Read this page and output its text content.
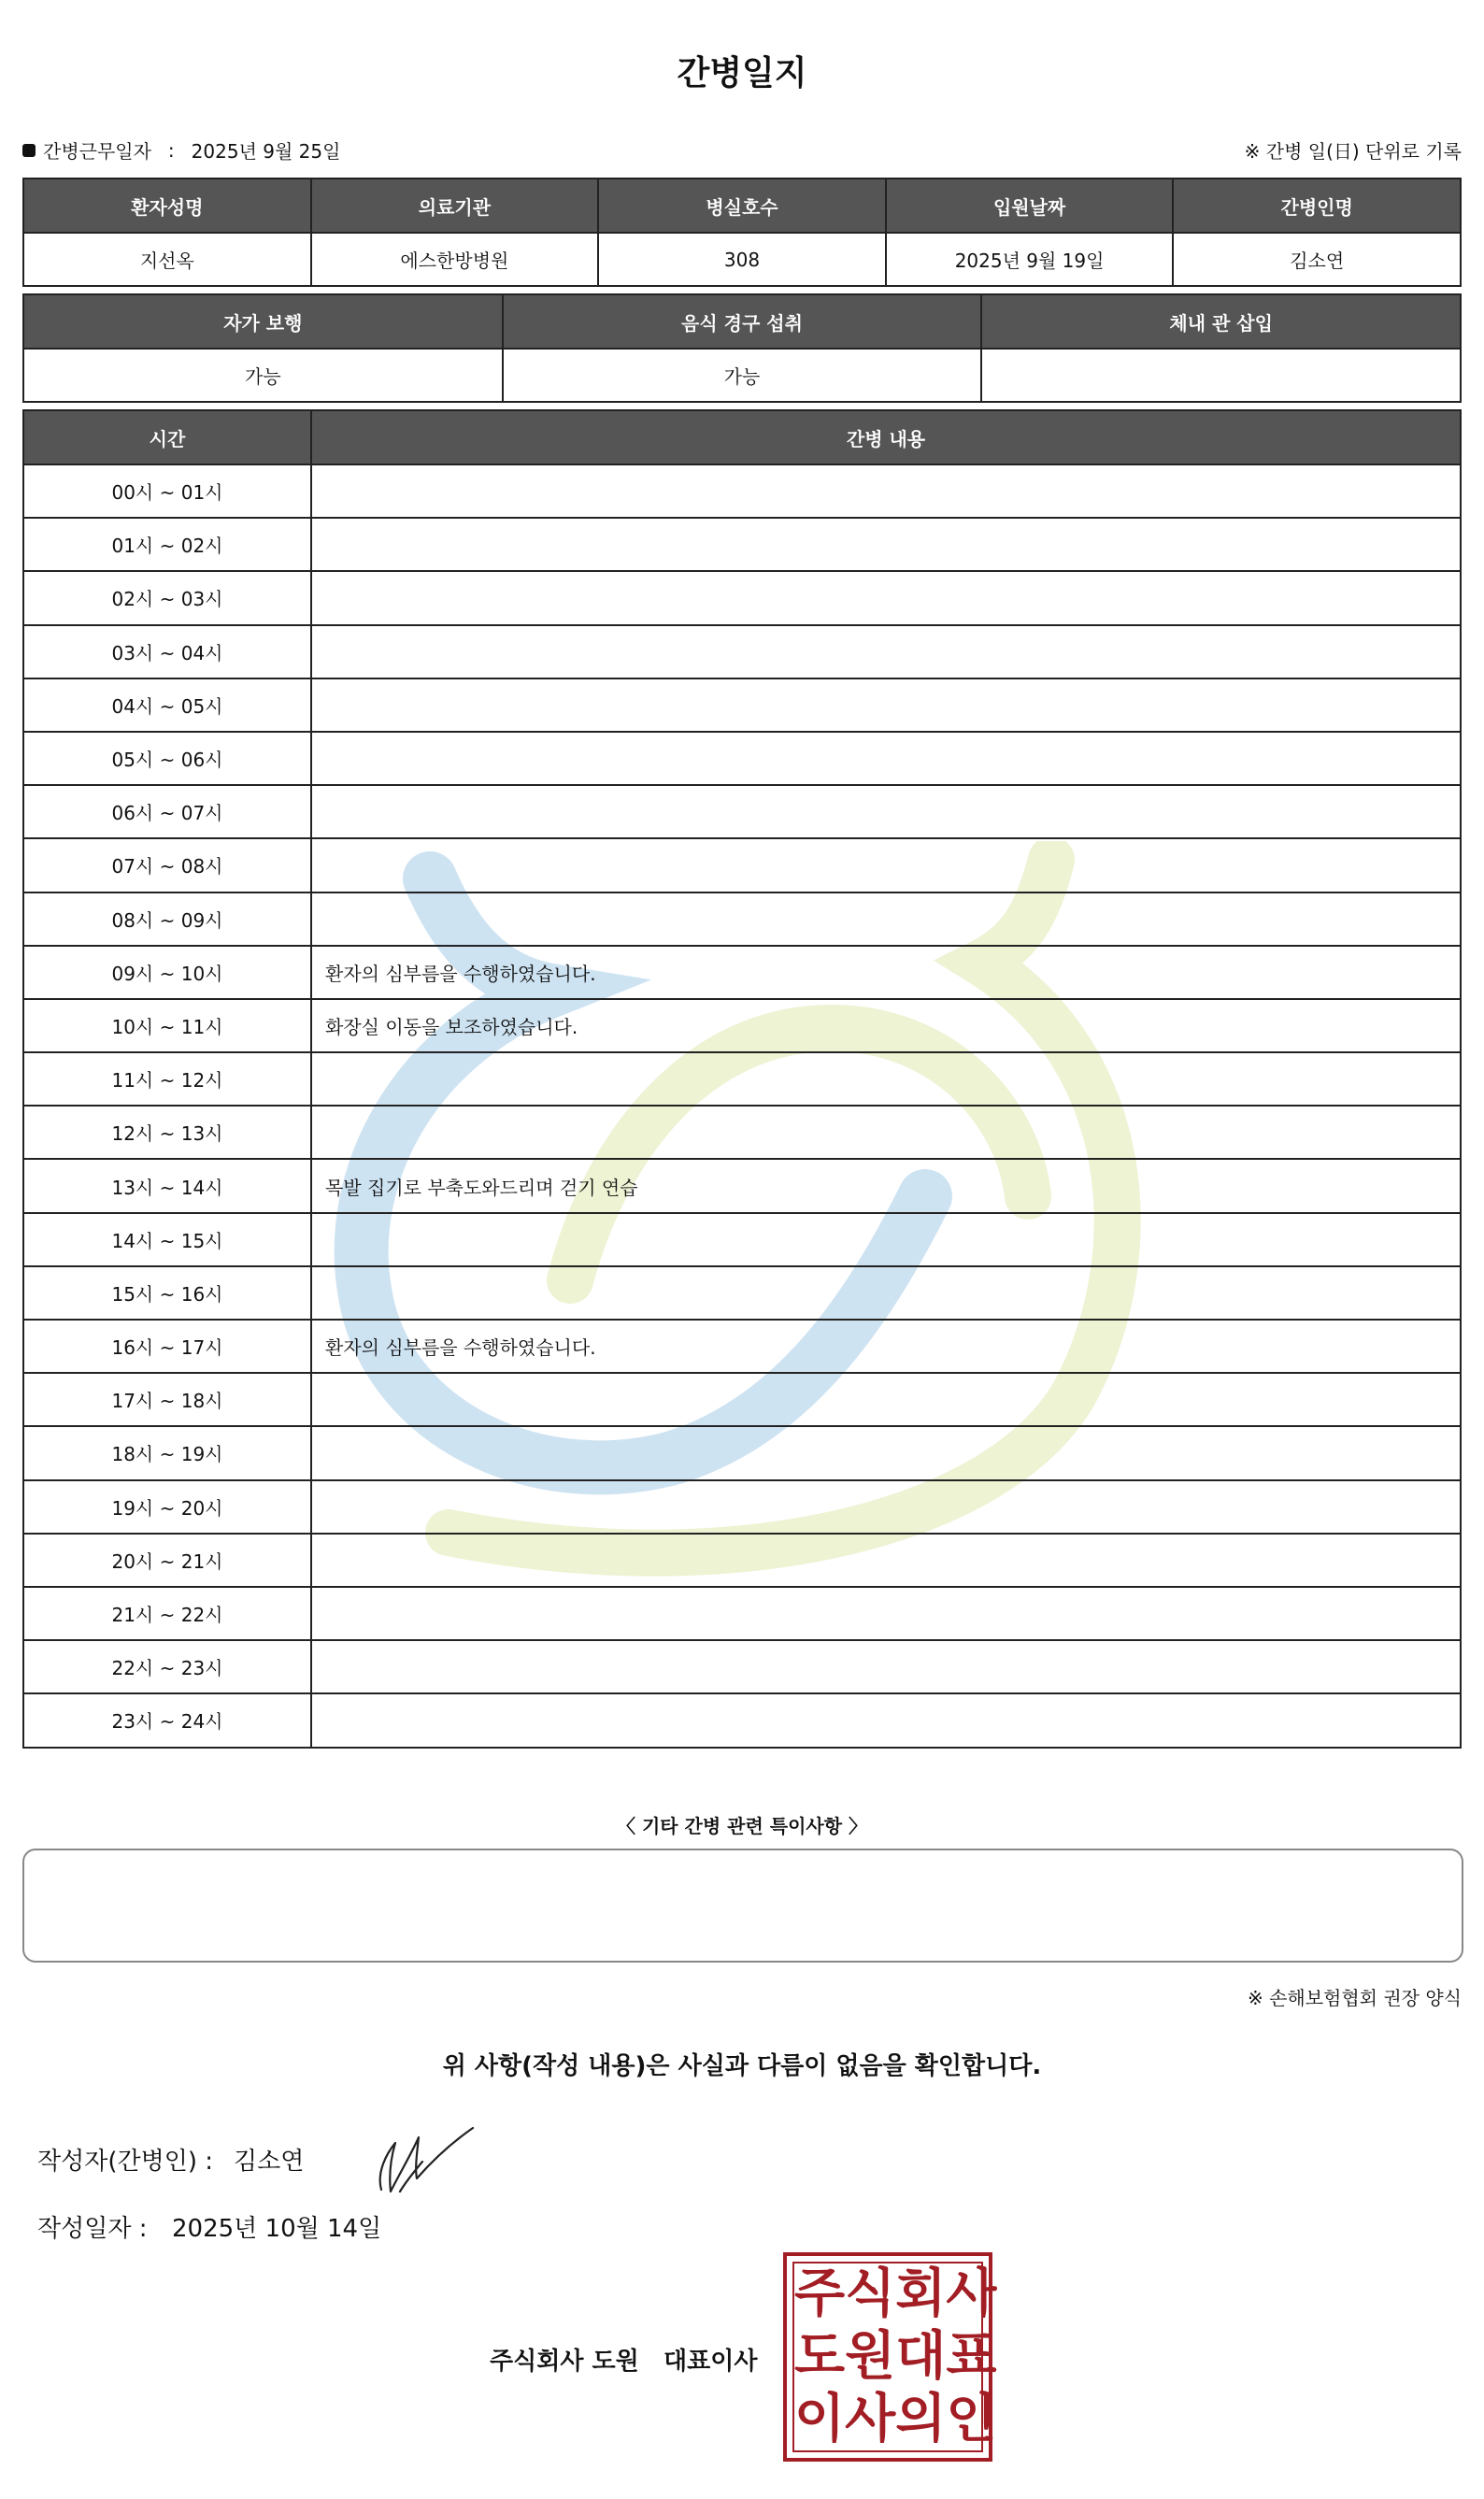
간병일지
간병근무일자 : 2025년 9월 25일	※ 간병 일(日) 단위로 기록
환자성명	의료기관	병실호수	입원날짜	간병인명
지선옥	에스한방병원	308	2025년 9월 19일	김소연
자가 보행	음식 경구 섭취	체내 관 삽입
가능	가능	
시간	간병 내용
00시 ~ 01시	
01시 ~ 02시	
02시 ~ 03시	
03시 ~ 04시	
04시 ~ 05시	
05시 ~ 06시	
06시 ~ 07시	
07시 ~ 08시	
08시 ~ 09시	
09시 ~ 10시	환자의 심부름을 수행하였습니다.
10시 ~ 11시	화장실 이동을 보조하였습니다.
11시 ~ 12시	
12시 ~ 13시	
13시 ~ 14시	목발 집기로 부축도와드리며 걷기 연습
14시 ~ 15시	
15시 ~ 16시	
16시 ~ 17시	환자의 심부름을 수행하였습니다.
17시 ~ 18시	
18시 ~ 19시	
19시 ~ 20시	
20시 ~ 21시	
21시 ~ 22시	
22시 ~ 23시	
23시 ~ 24시	
〈 기타 간병 관련 특이사항 〉
※ 손해보험협회 권장 양식
위 사항(작성 내용)은 사실과 다름이 없음을 확인합니다.
작성자(간병인) : 김소연
작성일자 :	2025년 10월 14일
주식회사 도원 대표이사
주 식 회 사
도 원 대 표
이 사 의 인
